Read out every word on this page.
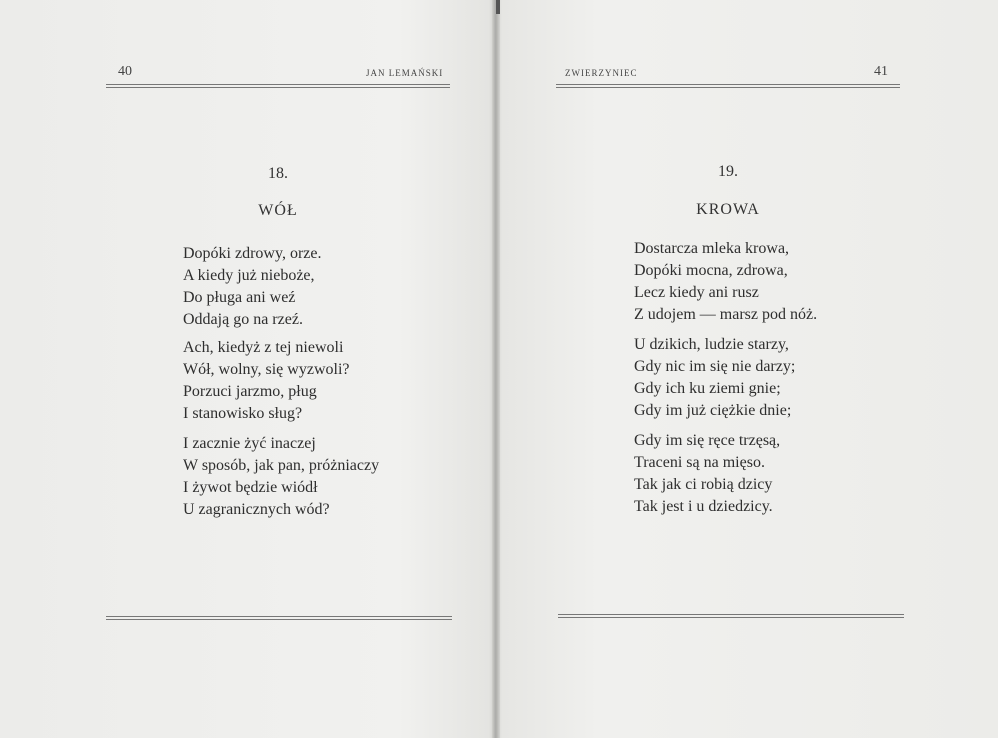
40	JAN LEMAŃSKI
18.
WÓŁ
Dopóki zdrowy, orze.
A kiedy już nieboże,
Do pługa ani weź
Oddają go na rzeź.
Ach, kiedyż z tej niewoli
Wół, wolny, się wyzwoli?
Porzuci jarzmo, pług
I stanowisko sług?
I zacznie żyć inaczej
W sposób, jak pan, próżniaczy
I żywot będzie wiódł
U zagranicznych wód?
ZWIERZYNIEC	41
19.
KROWA
Dostarcza mleka krowa,
Dopóki mocna, zdrowa,
Lecz kiedy ani rusz
Z udojem — marsz pod nóż.
U dzikich, ludzie starzy,
Gdy nic im się nie darzy;
Gdy ich ku ziemi gnie;
Gdy im już ciężkie dnie;
Gdy im się ręce trzęsą,
Traceni są na mięso.
Tak jak ci robią dzicy
Tak jest i u dziedzicy.
